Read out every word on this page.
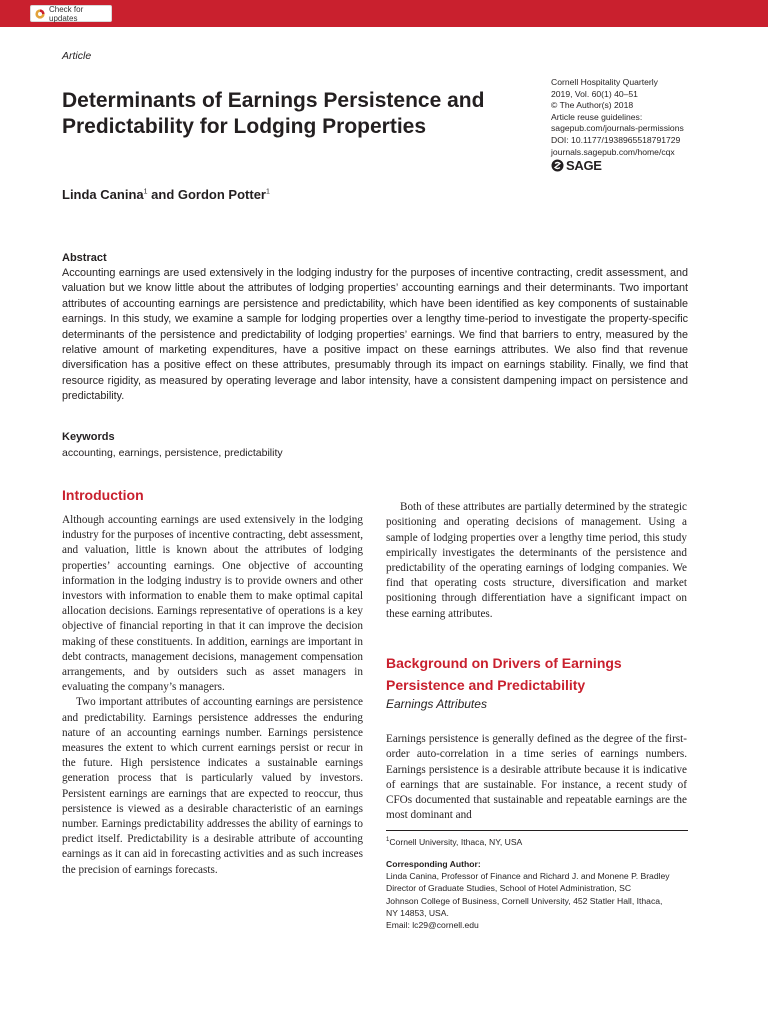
Check for updates
Article
Determinants of Earnings Persistence and Predictability for Lodging Properties
Cornell Hospitality Quarterly
2019, Vol. 60(1) 40–51
© The Author(s) 2018
Article reuse guidelines:
sagepub.com/journals-permissions
DOI: 10.1177/1938965518791729
journals.sagepub.com/home/cqx
SAGE
Linda Canina$^1$ and Gordon Potter$^1$
Abstract

Accounting earnings are used extensively in the lodging industry for the purposes of incentive contracting, credit assessment, and valuation but we know little about the attributes of lodging properties’ accounting earnings and their determinants. Two important attributes of accounting earnings are persistence and predictability, which have been identified as key components of sustainable earnings. In this study, we examine a sample for lodging properties over a lengthy time-period to investigate the property-specific determinants of the persistence and predictability of lodging properties’ earnings. We find that barriers to entry, measured by the relative amount of marketing expenditures, have a positive impact on these earnings attributes. We also find that revenue diversification has a positive effect on these attributes, presumably through its impact on earnings stability. Finally, we find that resource rigidity, as measured by operating leverage and labor intensity, have a consistent dampening impact on persistence and predictability.

Keywords
accounting, earnings, persistence, predictability
Introduction

Although accounting earnings are used extensively in the lodging industry for the purposes of incentive contracting, debt assessment, and valuation, little is known about the attributes of lodging properties’ accounting earnings. One objective of accounting information in the lodging industry is to provide owners and other investors with information to enable them to make optimal capital allocation decisions. Earnings representative of operations is a key objective of financial reporting in that it can improve the decision making of these constituents. In addition, earnings are important in debt contracts, management decisions, management compensation arrangements, and by outsiders such as asset managers in evaluating the company’s managers.

Two important attributes of accounting earnings are persistence and predictability. Earnings persistence addresses the enduring nature of an accounting earnings number. Earnings persistence measures the extent to which current earnings persist or recur in the future. High persistence indicates a sustainable earnings generation process that is particularly valued by investors. Persistent earnings are earnings that are expected to reoccur, thus persistence is viewed as a desirable characteristic of an earnings number. Earnings predictability addresses the ability of earnings to predict itself. Predictability is a desirable attribute of accounting earnings as it can aid in forecasting activities and as such increases the precision of earnings forecasts.

Both of these attributes are partially determined by the strategic positioning and operating decisions of management. Using a sample of lodging properties over a lengthy time period, this study empirically investigates the determinants of the persistence and predictability of the operating earnings of lodging companies. We find that operating costs structure, diversification and market positioning through differentiation have a significant impact on these earning attributes.

Background on Drivers of Earnings
Persistence and Predictability
Earnings Attributes

Earnings persistence is generally defined as the degree of the first-order auto-correlation in a time series of earnings numbers. Earnings persistence is a desirable attribute because it is indicative of earnings that are sustainable. For instance, a recent study of CFOs documented that sustainable and repeatable earnings are the most dominant and

$^1$Cornell University, Ithaca, NY, USA
Corresponding Author:
Linda Canina, Professor of Finance and Richard J. and Monene P. Bradley
Director of Graduate Studies, School of Hotel Administration, SC
Johnson College of Business, Cornell University, 452 Statler Hall, Ithaca,
NY 14853, USA.
Email: lc29@cornell.edu
